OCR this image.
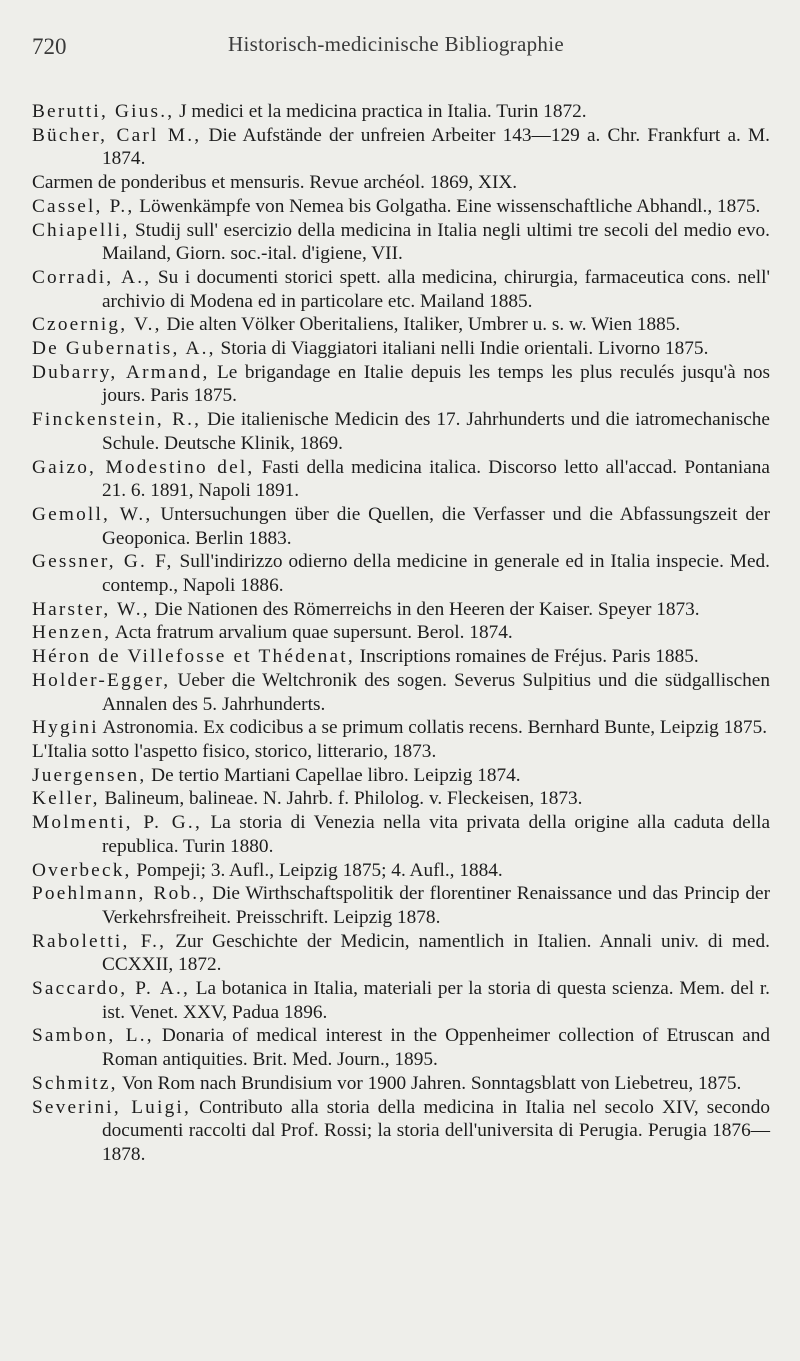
720	Historisch-medicinische Bibliographie
Berutti, Gius., J medici et la medicina practica in Italia. Turin 1872.
Bücher, Carl M., Die Aufstände der unfreien Arbeiter 143—129 a. Chr. Frankfurt a. M. 1874.
Carmen de ponderibus et mensuris. Revue archéol. 1869, XIX.
Cassel, P., Löwenkämpfe von Nemea bis Golgatha. Eine wissenschaftliche Abhandl., 1875.
Chiapelli, Studij sull' esercizio della medicina in Italia negli ultimi tre secoli del medio evo. Mailand, Giorn. soc.-ital. d'igiene, VII.
Corradi, A., Su i documenti storici spett. alla medicina, chirurgia, farmaceutica cons. nell' archivio di Modena ed in particolare etc. Mailand 1885.
Czoernig, V., Die alten Völker Oberitaliens, Italiker, Umbrer u. s. w. Wien 1885.
De Gubernatis, A., Storia di Viaggiatori italiani nelli Indie orientali. Livorno 1875.
Dubarry, Armand, Le brigandage en Italie depuis les temps les plus reculés jusqu'à nos jours. Paris 1875.
Finckenstein, R., Die italienische Medicin des 17. Jahrhunderts und die iatromechanische Schule. Deutsche Klinik, 1869.
Gaizo, Modestino del, Fasti della medicina italica. Discorso letto all'accad. Pontaniana 21. 6. 1891, Napoli 1891.
Gemoll, W., Untersuchungen über die Quellen, die Verfasser und die Abfassungszeit der Geoponica. Berlin 1883.
Gessner, G. F, Sull'indirizzo odierno della medicine in generale ed in Italia inspecie. Med. contemp., Napoli 1886.
Harster, W., Die Nationen des Römerreichs in den Heeren der Kaiser. Speyer 1873.
Henzen, Acta fratrum arvalium quae supersunt. Berol. 1874.
Héron de Villefosse et Thédenat, Inscriptions romaines de Fréjus. Paris 1885.
Holder-Egger, Ueber die Weltchronik des sogen. Severus Sulpitius und die südgallischen Annalen des 5. Jahrhunderts.
Hygini Astronomia. Ex codicibus a se primum collatis recens. Bernhard Bunte, Leipzig 1875.
L'Italia sotto l'aspetto fisico, storico, litterario, 1873.
Juergensen, De tertio Martiani Capellae libro. Leipzig 1874.
Keller, Balineum, balineae. N. Jahrb. f. Philolog. v. Fleckeisen, 1873.
Molmenti, P. G., La storia di Venezia nella vita privata della origine alla caduta della republica. Turin 1880.
Overbeck, Pompeji; 3. Aufl., Leipzig 1875; 4. Aufl., 1884.
Poehlmann, Rob., Die Wirthschaftspolitik der florentiner Renaissance und das Princip der Verkehrsfreiheit. Preisschrift. Leipzig 1878.
Raboletti, F., Zur Geschichte der Medicin, namentlich in Italien. Annali univ. di med. CCXXII, 1872.
Saccardo, P. A., La botanica in Italia, materiali per la storia di questa scienza. Mem. del r. ist. Venet. XXV, Padua 1896.
Sambon, L., Donaria of medical interest in the Oppenheimer collection of Etruscan and Roman antiquities. Brit. Med. Journ., 1895.
Schmitz, Von Rom nach Brundisium vor 1900 Jahren. Sonntagsblatt von Liebetreu, 1875.
Severini, Luigi, Contributo alla storia della medicina in Italia nel secolo XIV, secondo documenti raccolti dal Prof. Rossi; la storia dell'universita di Perugia. Perugia 1876—1878.
